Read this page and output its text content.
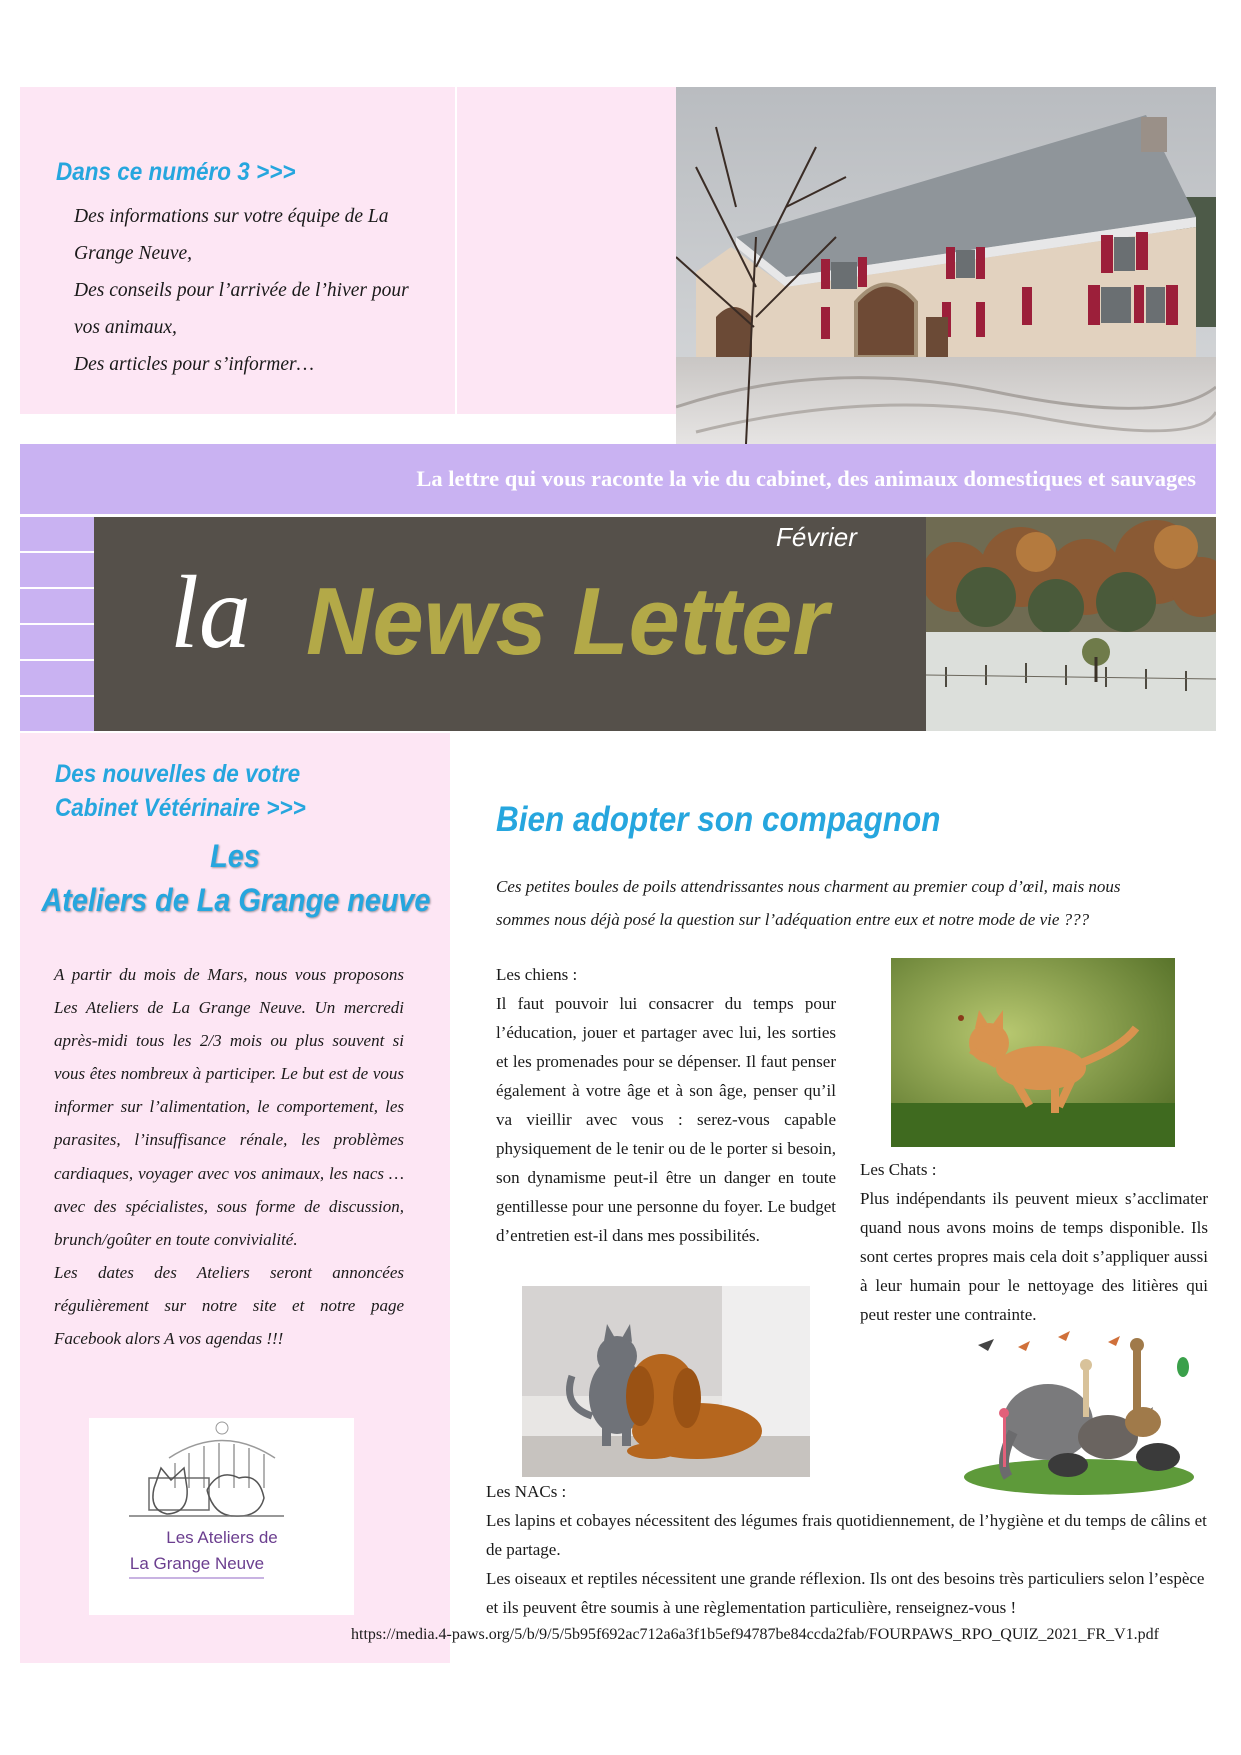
Dans ce numéro 3 >>>
Des informations sur votre équipe de La
Grange Neuve,
Des conseils pour l’arrivée de l’hiver pour
vos animaux,
Des articles pour s’informer…
La lettre qui vous raconte la vie du cabinet, des animaux domestiques et sauvages
Février
la News Letter
Des nouvelles de votre
Cabinet Vétérinaire >>>
Les
Ateliers de La Grange neuve
A partir du mois de Mars, nous vous proposons Les Ateliers de La Grange Neuve. Un mercredi après-midi tous les 2/3 mois ou plus souvent si vous êtes nombreux à participer. Le but est de vous informer sur l’alimentation, le comportement, les parasites, l’insuffisance rénale, les problèmes cardiaques, voyager avec vos animaux, les nacs … avec des spécialistes, sous forme de discussion, brunch/goûter en toute convivialité.
Les dates des Ateliers seront annoncées régulièrement sur notre site et notre page Facebook alors A vos agendas !!!
Les Ateliers de
La Grange Neuve
Bien adopter son compagnon
Ces petites boules de poils attendrissantes nous charment au premier coup d’œil, mais nous
sommes nous déjà posé la question sur l’adéquation entre eux et notre mode de vie ???
Les chiens :
Il faut pouvoir lui consacrer du temps pour l’éducation, jouer et partager avec lui, les sorties et les promenades pour se dépenser. Il faut penser également à votre âge et à son âge, penser qu’il va vieillir avec vous : serez-vous capable physiquement de le tenir ou de le porter si besoin, son dynamisme peut-il être un danger en toute gentillesse pour une personne du foyer. Le budget d’entretien est-il dans mes possibilités.
Les Chats :
Plus indépendants ils peuvent mieux s’acclimater quand nous avons moins de temps disponible. Ils sont certes propres mais cela doit s’appliquer aussi à leur humain pour le nettoyage des litières qui peut rester une contrainte.
Les NACs :
Les lapins et cobayes nécessitent des légumes frais quotidiennement, de l’hygiène et du temps de câlins et de partage.
Les oiseaux et reptiles nécessitent une grande réflexion. Ils ont des besoins très particuliers selon l’espèce et ils peuvent être soumis à une règlementation particulière, renseignez-vous !
https://media.4-paws.org/5/b/9/5/5b95f692ac712a6a3f1b5ef94787be84ccda2fab/FOURPAWS_RPO_QUIZ_2021_FR_V1.pdf
